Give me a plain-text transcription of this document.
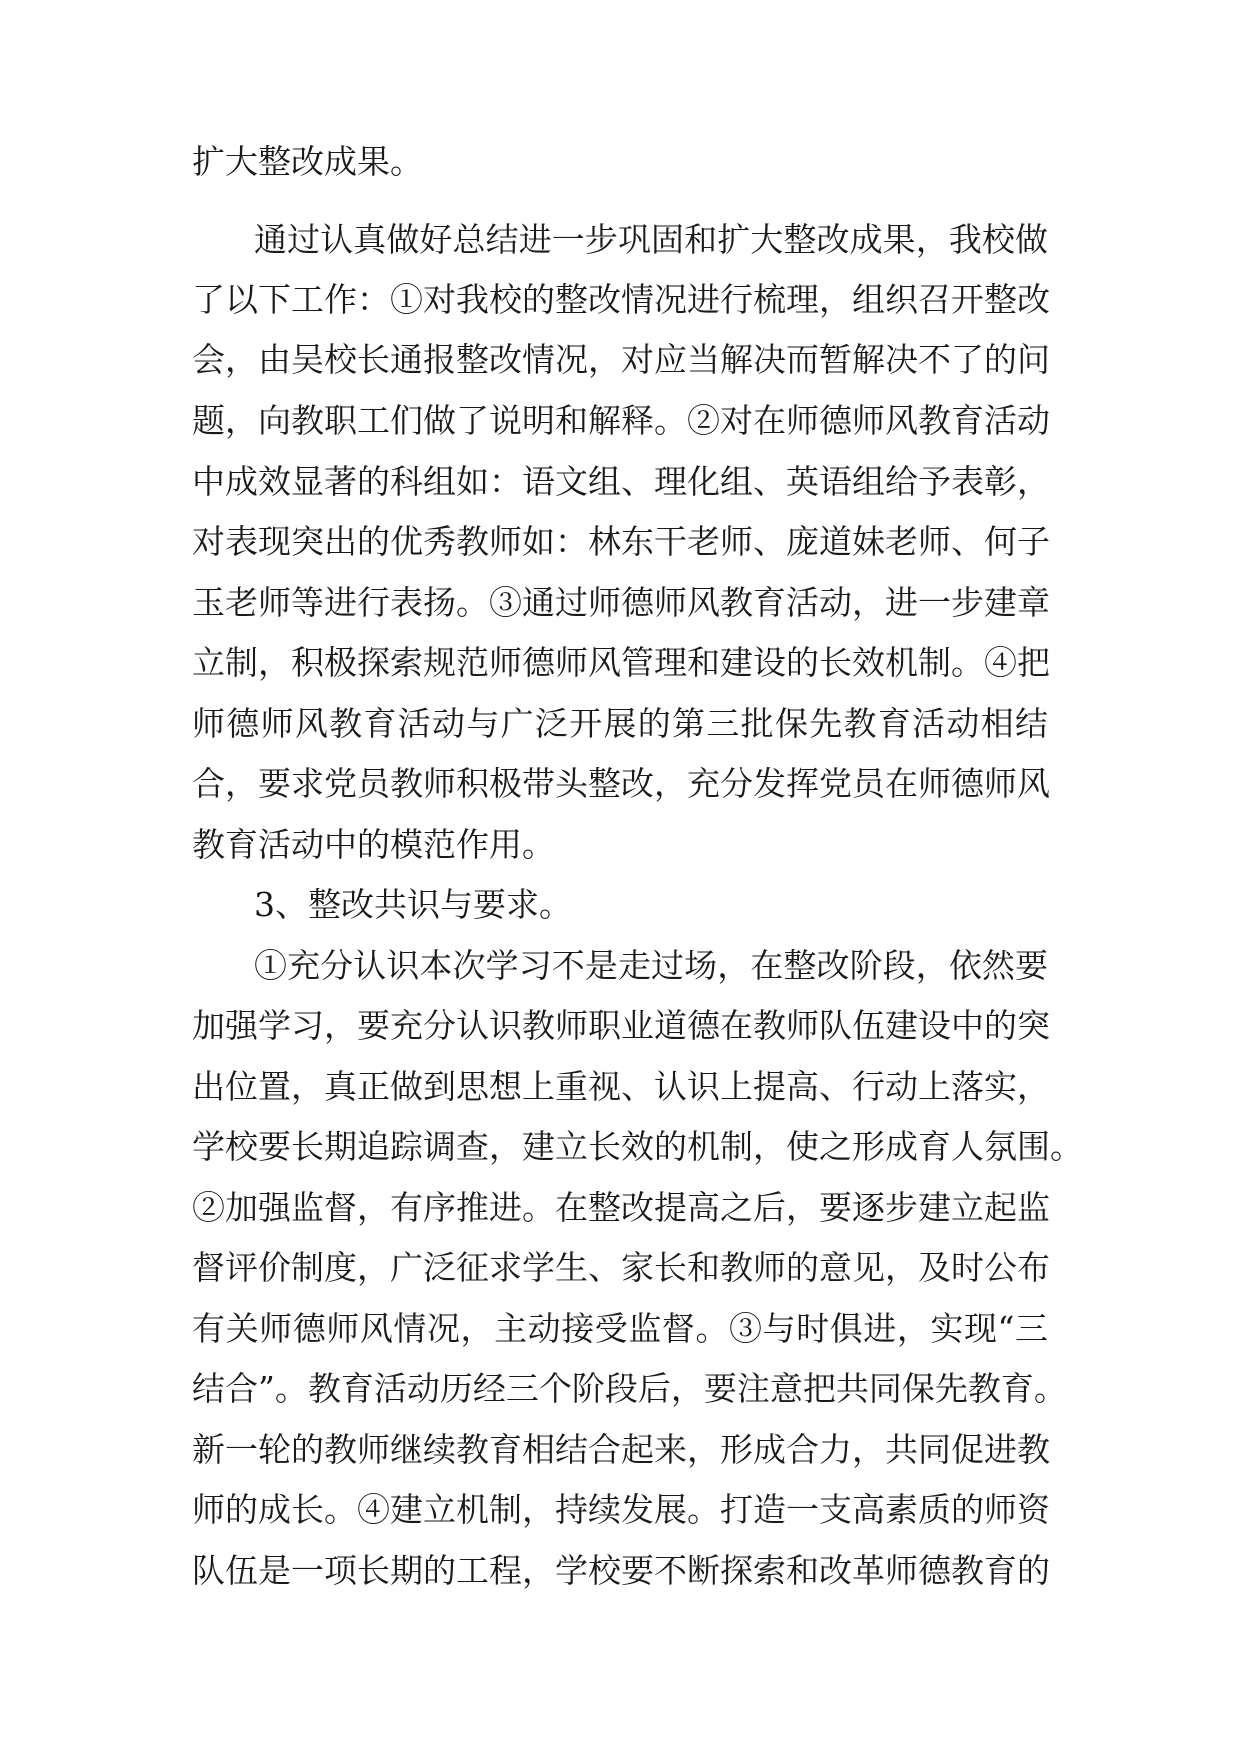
扩大整改成果。
通过认真做好总结进一步巩固和扩大整改成果，我校做
了以下工作：①对我校的整改情况进行梳理，组织召开整改
会，由吴校长通报整改情况，对应当解决而暂解决不了的问
题，向教职工们做了说明和解释。②对在师德师风教育活动
中成效显著的科组如：语文组、理化组、英语组给予表彰，
对表现突出的优秀教师如：林东干老师、庞道妹老师、何子
玉老师等进行表扬。③通过师德师风教育活动，进一步建章
立制，积极探索规范师德师风管理和建设的长效机制。④把
师德师风教育活动与广泛开展的第三批保先教育活动相结
合，要求党员教师积极带头整改，充分发挥党员在师德师风
教育活动中的模范作用。
3、整改共识与要求。
①充分认识本次学习不是走过场，在整改阶段，依然要
加强学习，要充分认识教师职业道德在教师队伍建设中的突
出位置，真正做到思想上重视、认识上提高、行动上落实，
学校要长期追踪调查，建立长效的机制，使之形成育人氛围。
②加强监督，有序推进。在整改提高之后，要逐步建立起监
督评价制度，广泛征求学生、家长和教师的意见，及时公布
有关师德师风情况，主动接受监督。③与时俱进，实现“三
结合”。教育活动历经三个阶段后，要注意把共同保先教育。
新一轮的教师继续教育相结合起来，形成合力，共同促进教
师的成长。④建立机制，持续发展。打造一支高素质的师资
队伍是一项长期的工程，学校要不断探索和改革师德教育的
